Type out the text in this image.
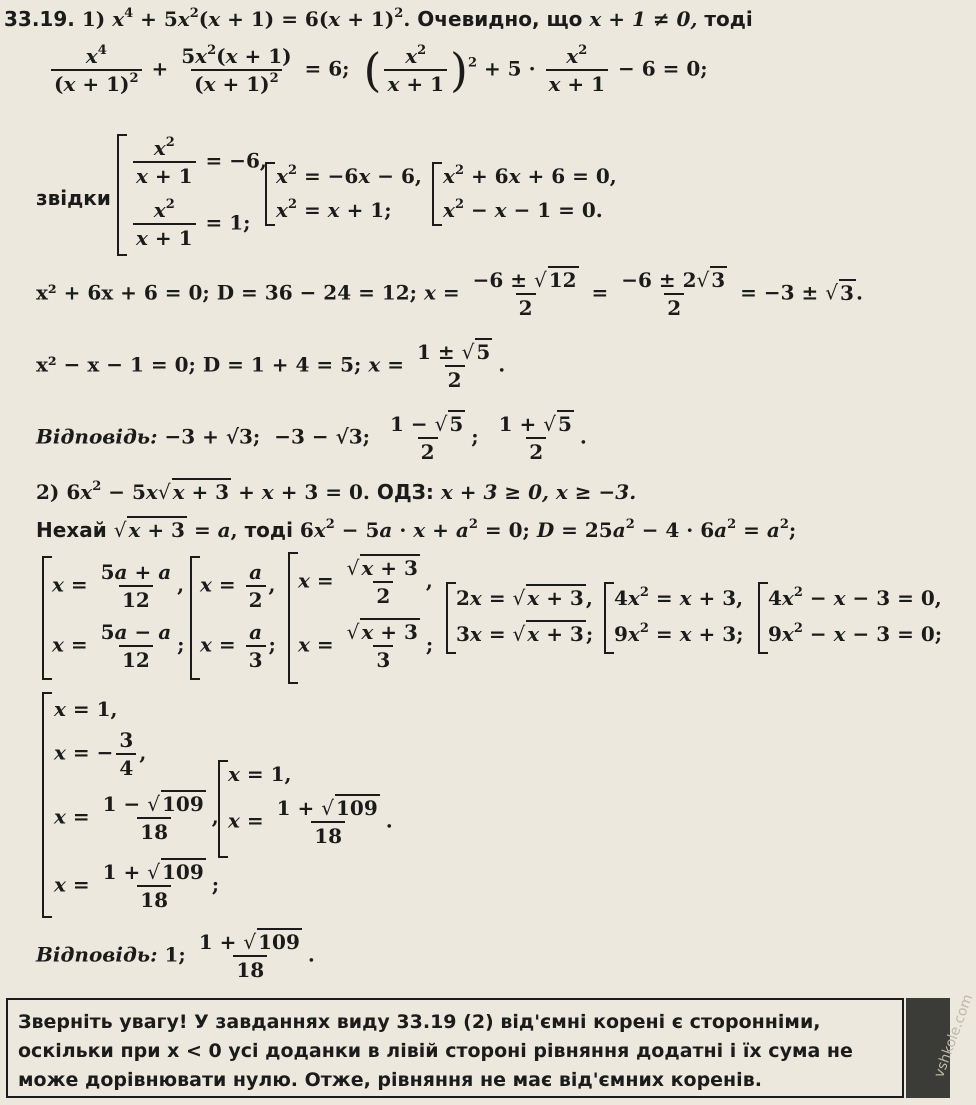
33.19. 1) $x^4 + 5x^2(x + 1) = 6(x + 1)^2$. Очевидно, що x + 1 ≠ 0, тоді
$\frac{x^4}{(x + 1)^2} + \frac{5x^2(x + 1)}{(x + 1)^2} = 6$;  ( $\frac{x^2}{x + 1} )^2 + 5 \cdot \frac{x^2}{x + 1} - 6 = 0$;
звідки
$\frac{x^2}{x + 1} = -6$,
$\frac{x^2}{x + 1} = 1$;
$x^2 = -6x - 6$,
$x^2 = x + 1$;
$x^2 + 6x + 6 = 0$,
$x^2 - x - 1 = 0$.
x² + 6x + 6 = 0; D = 36 − 24 = 12; $x = \frac{-6 \pm √ 12}{2} = \frac{-6 \pm 2√ 3}{2} = -3$ ± √ 3 .
x² − x − 1 = 0; D = 1 + 4 = 5; $x = \frac{1 \pm √ 5}{2}$ .
Відповідь: −3 + √3; −3 − √3; $\frac{1 - √ 5}{2}$ ; $\frac{1 + √ 5}{2}$ .
2) $6x^2 - 5x√$ x + 3 + x + 3 = 0. ОДЗ: x + 3 ≥ 0, x ≥ −3.
Нехай √ x + 3 = a, тоді $6x^2 - 5a \cdot x + a^2 = 0$; $D = 25a^2 - 4 \cdot 6a^2 = a^2$;
$x = \frac{5a + a}{12}$ ,
$x = \frac{5a - a}{12}$ ;
$x = \frac{a}{2}$ ,
$x = \frac{a}{3}$ ;
$x = \frac{√ x + 3}{2}$ ,
$x = \frac{√ x + 3}{3}$ ;
2x = √ x + 3 ,
3x = √ x + 3 ;
$4x^2 = x + 3$,
$9x^2 = x + 3$;
$4x^2 - x - 3 = 0$,
$9x^2 - x - 3 = 0$;
x = 1,
x = − $\frac{3}{4}$ ,
$x = \frac{1 - √ 109}{18}$ ,
$x = \frac{1 + √ 109}{18}$ ;
x = 1,
$x = \frac{1 + √ 109}{18}$ .
Відповідь: 1; $\frac{1 + √ 109}{18}$ .
Зверніть увагу! У завданнях виду 33.19 (2) від'ємні корені є сторонніми,
оскільки при x < 0 усі доданки в лівій стороні рівняння додатні і їх сума не
може дорівнювати нулю. Отже, рівняння не має від'ємних коренів.
vshkole.com
